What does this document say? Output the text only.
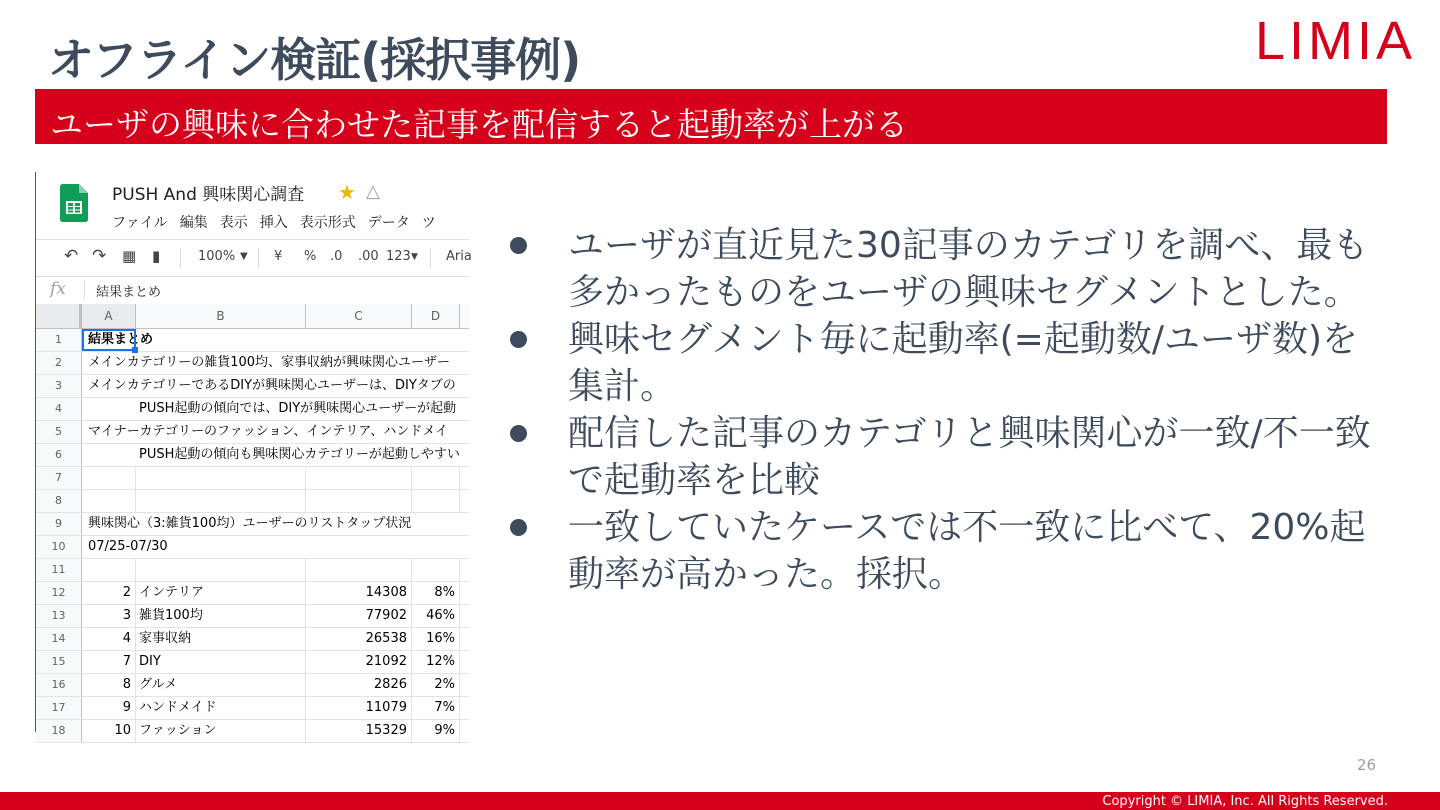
オフライン検証(採択事例)	LIMIA
ユーザの興味に合わせた記事を配信すると起動率が上がる
PUSH And 興味関心調査 ★ △
ファイル 編集 表示 挿入 表示形式 データ ツ
↶ ↷ ▦ ▮	100% ▼ ¥ % .0 .00 123 ▼ Aria
fx 結果まとめ
A	B	C	D
1	結果まとめ
2	メインカテゴリーの雑貨100均、家事収納が興味関心ユーザー
3	メインカテゴリーであるDIYが興味関心ユーザーは、DIYタブの
4	PUSH起動の傾向では、DIYが興味関心ユーザーが起動
5	マイナーカテゴリーのファッション、インテリア、ハンドメイ
6	PUSH起動の傾向も興味関心カテゴリーが起動しやすい
7
8
9	興味関心（3:雑貨100均）ユーザーのリストタップ状況
10	07/25-07/30
11
12	2 インテリア	14308	8%
13	3 雑貨100均	77902	46%
14	4 家事収納	26538	16%
15	7 DIY	21092	12%
16	8 グルメ	2826	2%
17	9 ハンドメイド	11079	7%
18	10 ファッション	15329	9%
ユーザが直近見た30記事のカテゴリを調べ、最も多かったものをユーザの興味セグメントとした。
興味セグメント毎に起動率(=起動数/ユーザ数)を集計。
配信した記事のカテゴリと興味関心が一致/不一致で起動率を比較
一致していたケースでは不一致に比べて、20%起動率が高かった。採択。
26
Copyright © LIMIA, Inc. All Rights Reserved.
